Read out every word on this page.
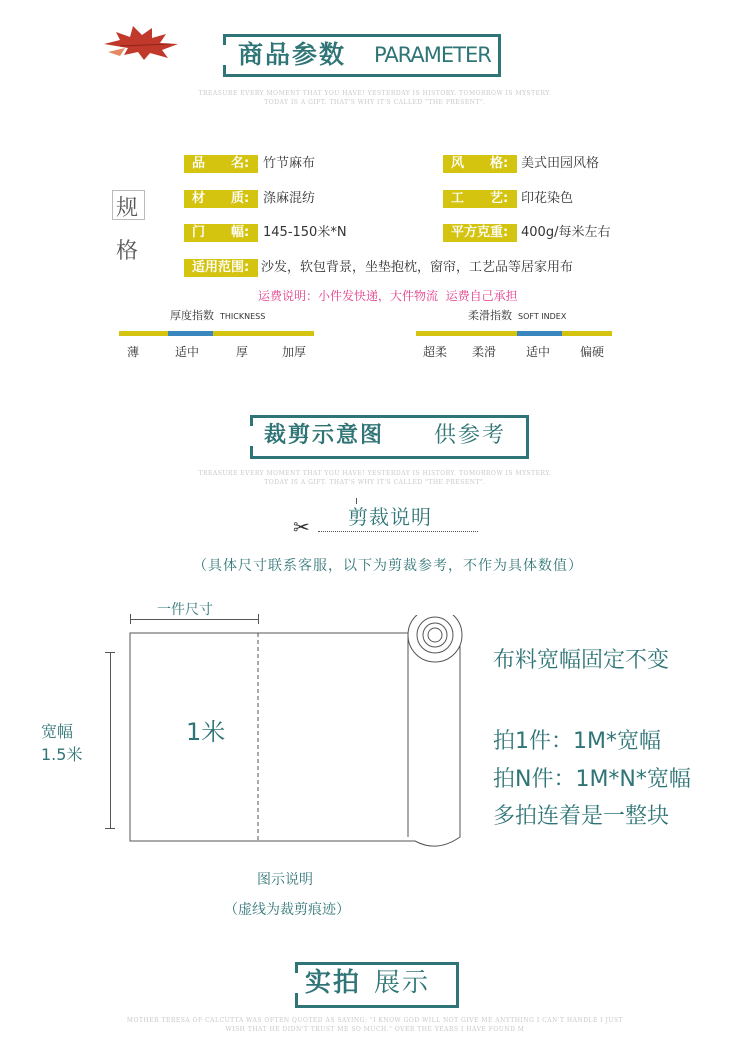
商品参数 PARAMETER
TREASURE EVERY MOMENT THAT YOU HAVE! YESTERDAY IS HISTORY. TOMORROW IS MYSTERY.
TODAY IS A GIFT. THAT'S WHY IT'S CALLED "THE PRESENT".
规
格
品　　名:	竹节麻布	风　　格: 美式田园风格
材　　质:	涤麻混纺	工　　艺: 印花染色
门　　幅:	145-150米*N	平方克重: 400g/每米左右
适用范围: 沙发，软包背景，坐垫抱枕，窗帘，工艺品等居家用布
运费说明：小件发快递，大件物流  运费自己承担
厚度指数 THICKNESS
薄	适中	厚	加厚
柔滑指数 SOFT INDEX
超柔 柔滑 适中 偏硬
裁剪示意图 供参考
TREASURE EVERY MOMENT THAT YOU HAVE! YESTERDAY IS HISTORY. TOMORROW IS MYSTERY.
TODAY IS A GIFT. THAT'S WHY IT'S CALLED "THE PRESENT".
✂ 剪裁说明
（具体尺寸联系客服，以下为剪裁参考，不作为具体数值）
一件尺寸
宽幅
1.5米
1米
图示说明
（虚线为裁剪痕迹）
布料宽幅固定不变
拍1件：1M*宽幅
拍N件：1M*N*宽幅
多拍连着是一整块
实拍 展示
MOTHER TERESA OF CALCUTTA WAS OFTEN QUOTED AS SAYING: "I KNOW GOD WILL NOT GIVE ME ANYTHING I CAN'T HANDLE I JUST
WISH THAT HE DIDN'T TRUST ME SO MUCH." OVER THE YEARS I HAVE FOUND M
